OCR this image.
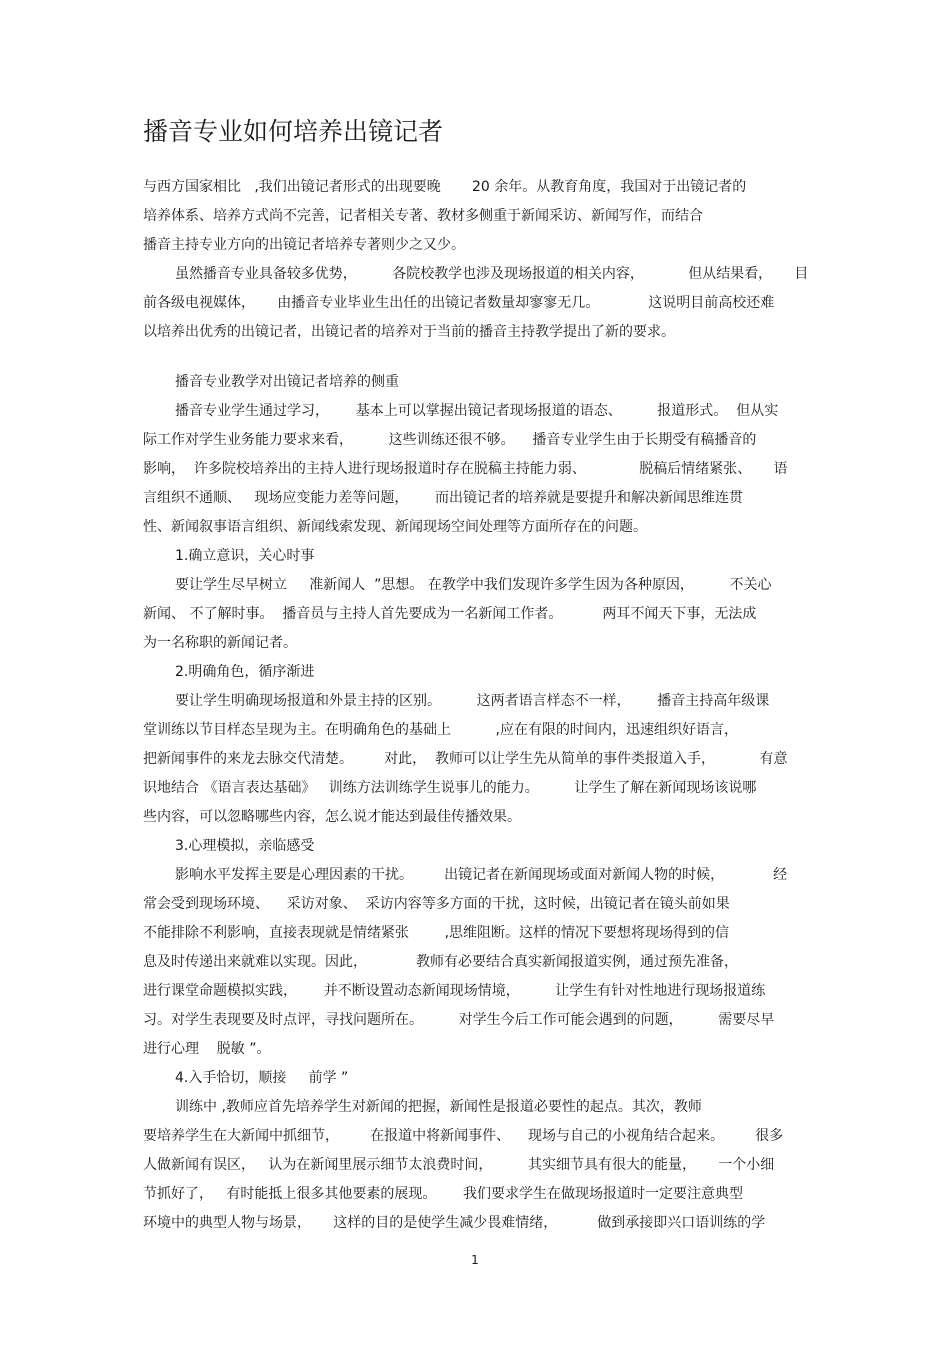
播音专业如何培养出镜记者
与西方国家相比   ,我们出镜记者形式的出现要晚       20 余年。从教育角度，我国对于出镜记者的
培养体系、培养方式尚不完善，记者相关专著、教材多侧重于新闻采访、新闻写作，而结合
播音主持专业方向的出镜记者培养专著则少之又少。
虽然播音专业具备较多优势，        各院校教学也涉及现场报道的相关内容，          但从结果看，     目
前各级电视媒体，     由播音专业毕业生出任的出镜记者数量却寥寥无几。           这说明目前高校还难
以培养出优秀的出镜记者，出镜记者的培养对于当前的播音主持教学提出了新的要求。
播音专业教学对出镜记者培养的侧重
播音专业学生通过学习，      基本上可以掌握出镜记者现场报道的语态、        报道形式。  但从实
际工作对学生业务能力要求来看，        这些训练还很不够。    播音专业学生由于长期受有稿播音的
影响，  许多院校培养出的主持人进行现场报道时存在脱稿主持能力弱、            脱稿后情绪紧张、     语
言组织不通顺、   现场应变能力差等问题，      而出镜记者的培养就是要提升和解决新闻思维连贯
性、新闻叙事语言组织、新闻线索发现、新闻现场空间处理等方面所存在的问题。
1.确立意识，关心时事
要让学生尽早树立     准新闻人  ”思想。 在教学中我们发现许多学生因为各种原因，        不关心
新闻、 不了解时事。  播音员与主持人首先要成为一名新闻工作者。         两耳不闻天下事，无法成
为一名称职的新闻记者。
2.明确角色，循序渐进
要让学生明确现场报道和外景主持的区别。        这两者语言样态不一样，      播音主持高年级课
堂训练以节目样态呈现为主。在明确角色的基础上          ,应在有限的时间内，迅速组织好语言，
把新闻事件的来龙去脉交代清楚。       对此，  教师可以让学生先从简单的事件类报道入手，          有意
识地结合 《语言表达基础》   训练方法训练学生说事儿的能力。        让学生了解在新闻现场该说哪
些内容，可以忽略哪些内容，怎么说才能达到最佳传播效果。
3.心理模拟，亲临感受
影响水平发挥主要是心理因素的干扰。       出镜记者在新闻现场或面对新闻人物的时候，           经
常会受到现场环境、    采访对象、  采访内容等多方面的干扰，这时候，出镜记者在镜头前如果
不能排除不利影响，直接表现就是情绪紧张        ,思维阻断。这样的情况下要想将现场得到的信
息及时传递出来就难以实现。因此，           教师有必要结合真实新闻报道实例，通过预先准备，
进行课堂命题模拟实践，      并不断设置动态新闻现场情境，        让学生有针对性地进行现场报道练
习。对学生表现要及时点评，寻找问题所在。        对学生今后工作可能会遇到的问题，        需要尽早
进行心理    脱敏 ”。
4.入手恰切，顺接     前学 ”
训练中 ,教师应首先培养学生对新闻的把握，新闻性是报道必要性的起点。其次，教师
要培养学生在大新闻中抓细节，       在报道中将新闻事件、    现场与自己的小视角结合起来。       很多
人做新闻有误区，   认为在新闻里展示细节太浪费时间，        其实细节具有很大的能量，     一个小细
节抓好了，   有时能抵上很多其他要素的展现。      我们要求学生在做现场报道时一定要注意典型
环境中的典型人物与场景，     这样的目的是使学生减少畏难情绪，         做到承接即兴口语训练的学
1
